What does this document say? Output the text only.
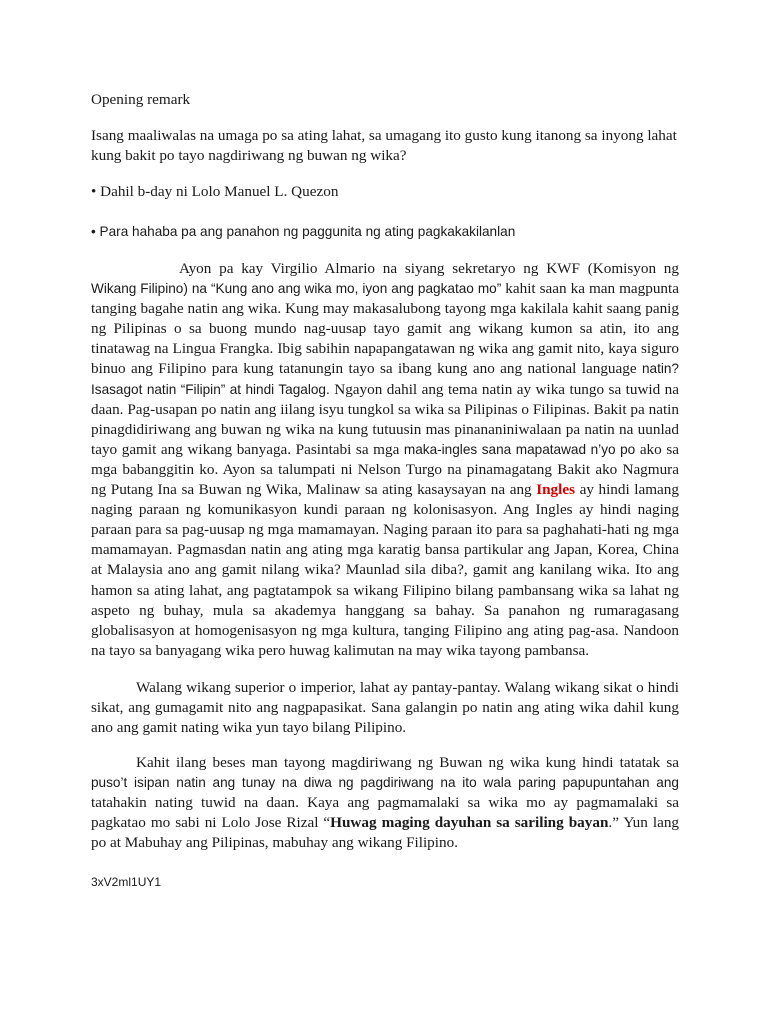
Opening remark

Isang maaliwalas na umaga po sa ating lahat, sa umagang ito gusto kung itanong sa inyong lahat kung bakit po tayo nagdiriwang ng buwan ng wika?

• Dahil b-day ni Lolo Manuel L. Quezon

• Para hahaba pa ang panahon ng paggunita ng ating pagkakakilanlan

Ayon pa kay Virgilio Almario na siyang sekretaryo ng KWF (Komisyon ng Wikang Filipino) na “Kung ano ang wika mo, iyon ang pagkatao mo” kahit saan ka man magpunta tanging bagahe natin ang wika. Kung may makasalubong tayong mga kakilala kahit saang panig ng Pilipinas o sa buong mundo nag-uusap tayo gamit ang wikang kumon sa atin, ito ang tinatawag na Lingua Frangka. Ibig sabihin napapangatawan ng wika ang gamit nito, kaya siguro binuo ang Filipino para kung tatanungin tayo sa ibang kung ano ang national language natin? Isasagot natin “Filipin” at hindi Tagalog. Ngayon dahil ang tema natin ay wika tungo sa tuwid na daan. Pag-usapan po natin ang iilang isyu tungkol sa wika sa Pilipinas o Filipinas. Bakit pa natin pinagdidiriwang ang buwan ng wika na kung tutuusin mas pinananiniwalaan pa natin na uunlad tayo gamit ang wikang banyaga. Pasintabi sa mga maka-ingles sana mapatawad n’yo po ako sa mga babanggitin ko. Ayon sa talumpati ni Nelson Turgo na pinamagatang Bakit ako Nagmura ng Putang Ina sa Buwan ng Wika, Malinaw sa ating kasaysayan na ang Ingles ay hindi lamang naging paraan ng komunikasyon kundi paraan ng kolonisasyon. Ang Ingles ay hindi naging paraan para sa pag-uusap ng mga mamamayan. Naging paraan ito para sa paghahati-hati ng mga mamamayan. Pagmasdan natin ang ating mga karatig bansa partikular ang Japan, Korea, China at Malaysia ano ang gamit nilang wika? Maunlad sila diba?, gamit ang kanilang wika. Ito ang hamon sa ating lahat, ang pagtatampok sa wikang Filipino bilang pambansang wika sa lahat ng aspeto ng buhay, mula sa akademya hanggang sa bahay. Sa panahon ng rumaragasang globalisasyon at homogenisasyon ng mga kultura, tanging Filipino ang ating pag-asa. Nandoon na tayo sa banyagang wika pero huwag kalimutan na may wika tayong pambansa.

Walang wikang superior o imperior, lahat ay pantay-pantay. Walang wikang sikat o hindi sikat, ang gumagamit nito ang nagpapasikat. Sana galangin po natin ang ating wika dahil kung ano ang gamit nating wika yun tayo bilang Pilipino.

Kahit ilang beses man tayong magdiriwang ng Buwan ng wika kung hindi tatatak sa puso’t isipan natin ang tunay na diwa ng pagdiriwang na ito wala paring papupuntahan ang tatahakin nating tuwid na daan. Kaya ang pagmamalaki sa wika mo ay pagmamalaki sa pagkatao mo sabi ni Lolo Jose Rizal “Huwag maging dayuhan sa sariling bayan.” Yun lang po at Mabuhay ang Pilipinas, mabuhay ang wikang Filipino.

3xV2ml1UY1
